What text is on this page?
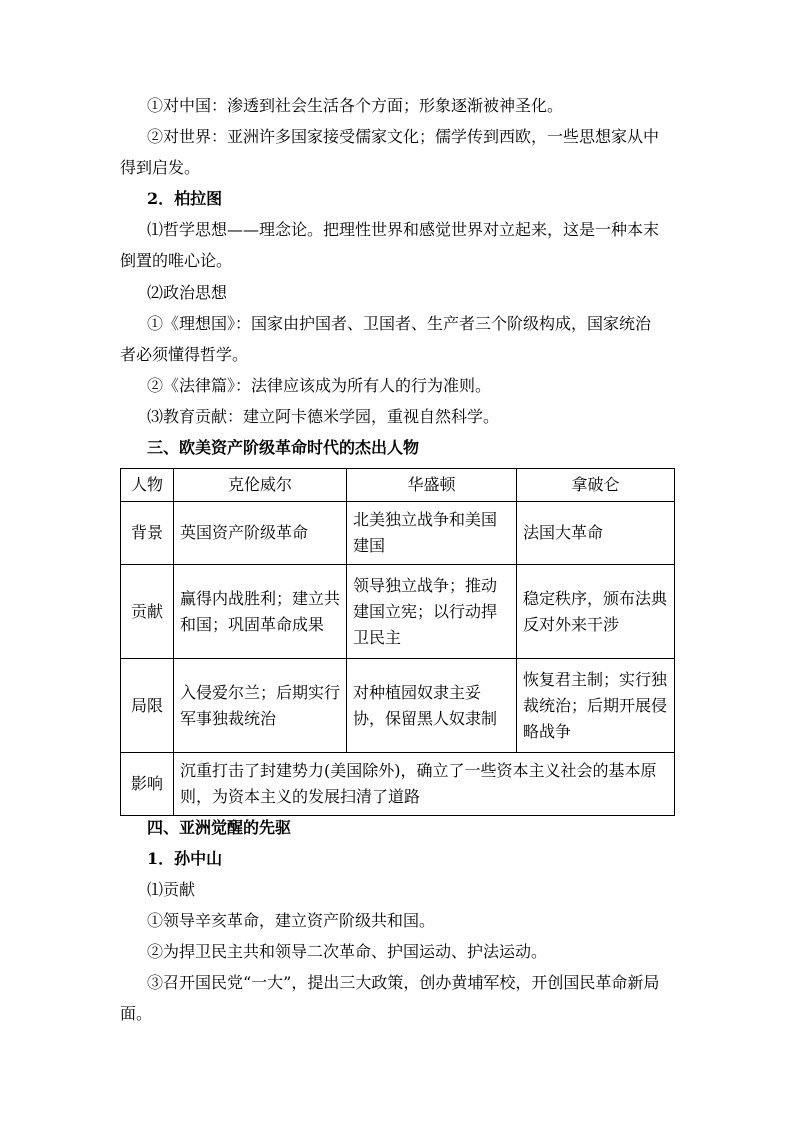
①对中国：渗透到社会生活各个方面；形象逐渐被神圣化。
②对世界：亚洲许多国家接受儒家文化；儒学传到西欧，一些思想家从中
得到启发。
2．柏拉图
⑴哲学思想——理念论。把理性世界和感觉世界对立起来，这是一种本末
倒置的唯心论。
⑵政治思想
①《理想国》：国家由护国者、卫国者、生产者三个阶级构成，国家统治
者必须懂得哲学。
②《法律篇》：法律应该成为所有人的行为准则。
⑶教育贡献：建立阿卡德米学园，重视自然科学。
三、欧美资产阶级革命时代的杰出人物
人物	克伦威尔	华盛顿	拿破仑
背景	英国资产阶级革命	北美独立战争和美国建国	法国大革命
贡献	赢得内战胜利；建立共和国；巩固革命成果	领导独立战争；推动建国立宪；以行动捍卫民主	稳定秩序，颁布法典反对外来干涉
局限	入侵爱尔兰；后期实行军事独裁统治	对种植园奴隶主妥协，保留黑人奴隶制	恢复君主制；实行独裁统治；后期开展侵略战争
影响	沉重打击了封建势力(美国除外)，确立了一些资本主义社会的基本原则，为资本主义的发展扫清了道路		
四、亚洲觉醒的先驱
1．孙中山
⑴贡献
①领导辛亥革命，建立资产阶级共和国。
②为捍卫民主共和领导二次革命、护国运动、护法运动。
③召开国民党“一大”，提出三大政策，创办黄埔军校，开创国民革命新局
面。
